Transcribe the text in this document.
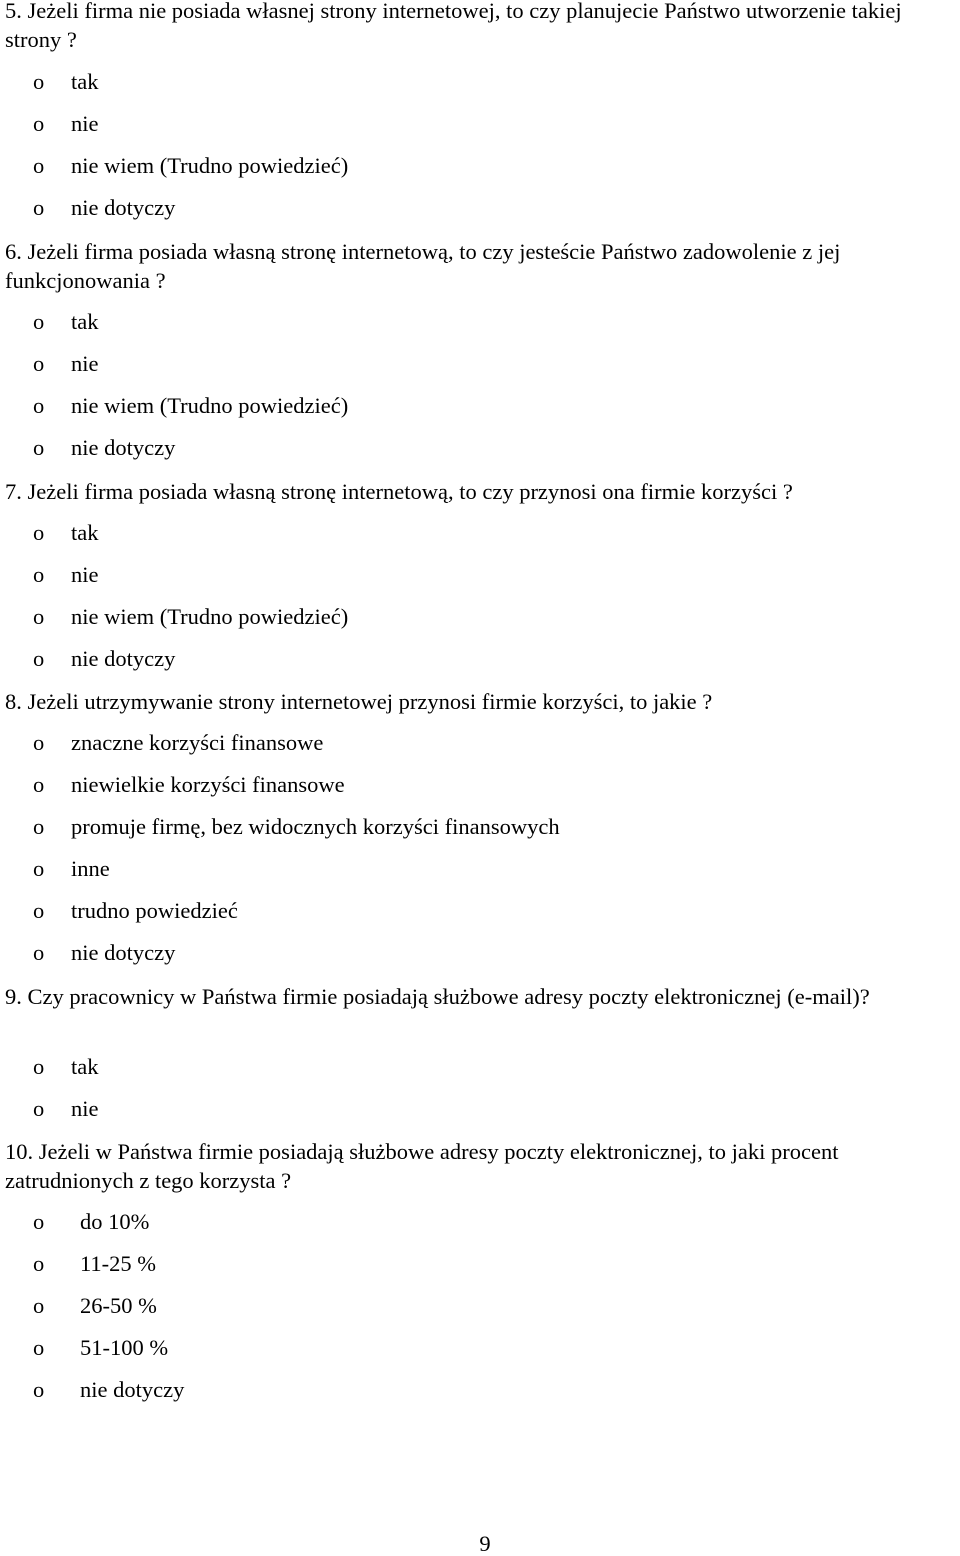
5. Jeżeli firma nie posiada własnej strony internetowej, to czy planujecie Państwo utworzenie takiej strony ?

o tak
o nie
o nie wiem (Trudno powiedzieć)
o nie dotyczy

6. Jeżeli firma posiada własną stronę internetową, to czy jesteście Państwo zadowolenie z jej funkcjonowania ?

o tak
o nie
o nie wiem (Trudno powiedzieć)
o nie dotyczy

7. Jeżeli firma posiada własną stronę internetową, to czy przynosi ona firmie korzyści ?

o tak
o nie
o nie wiem (Trudno powiedzieć)
o nie dotyczy

8. Jeżeli utrzymywanie strony internetowej przynosi firmie korzyści, to jakie ?

o znaczne korzyści finansowe
o niewielkie korzyści finansowe
o promuje firmę, bez widocznych korzyści finansowych
o inne
o trudno powiedzieć
o nie dotyczy

9. Czy pracownicy w Państwa firmie posiadają służbowe adresy poczty elektronicznej (e-mail)?

o tak
o nie

10. Jeżeli w Państwa firmie posiadają służbowe adresy poczty elektronicznej, to jaki procent zatrudnionych z tego korzysta ?

o do 10%
o 11-25 %
o 26-50 %
o 51-100 %
o nie dotyczy
9
